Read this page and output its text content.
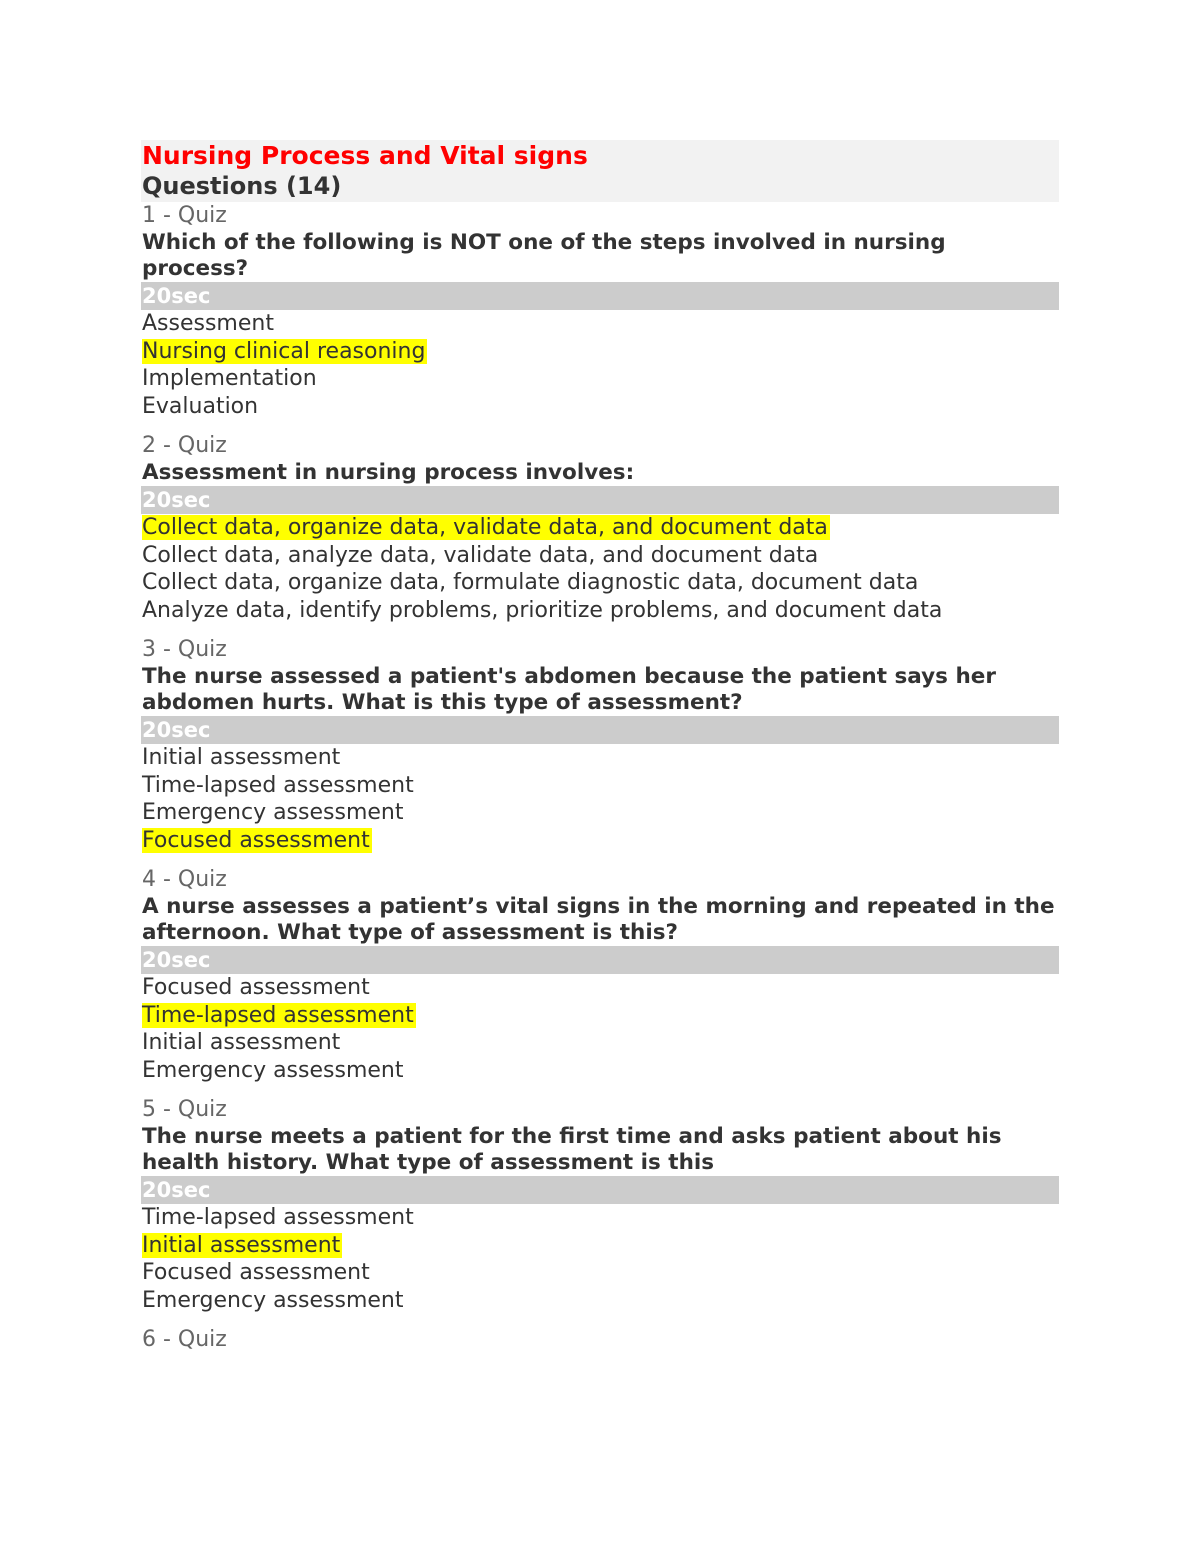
Nursing Process and Vital signs
Questions (14)
1 - Quiz
Which of the following is NOT one of the steps involved in nursing process?
20sec
Assessment
Nursing clinical reasoning
Implementation
Evaluation
2 - Quiz
Assessment in nursing process involves:
20sec
Collect data, organize data, validate data, and document data
Collect data, analyze data, validate data, and document data
Collect data, organize data, formulate diagnostic data, document data
Analyze data, identify problems, prioritize problems, and document data
3 - Quiz
The nurse assessed a patient's abdomen because the patient says her abdomen hurts. What is this type of assessment?
20sec
Initial assessment
Time-lapsed assessment
Emergency assessment
Focused assessment
4 - Quiz
A nurse assesses a patient’s vital signs in the morning and repeated in the afternoon. What type of assessment is this?
20sec
Focused assessment
Time-lapsed assessment
Initial assessment
Emergency assessment
5 - Quiz
The nurse meets a patient for the first time and asks patient about his health history. What type of assessment is this
20sec
Time-lapsed assessment
Initial assessment
Focused assessment
Emergency assessment
6 - Quiz
